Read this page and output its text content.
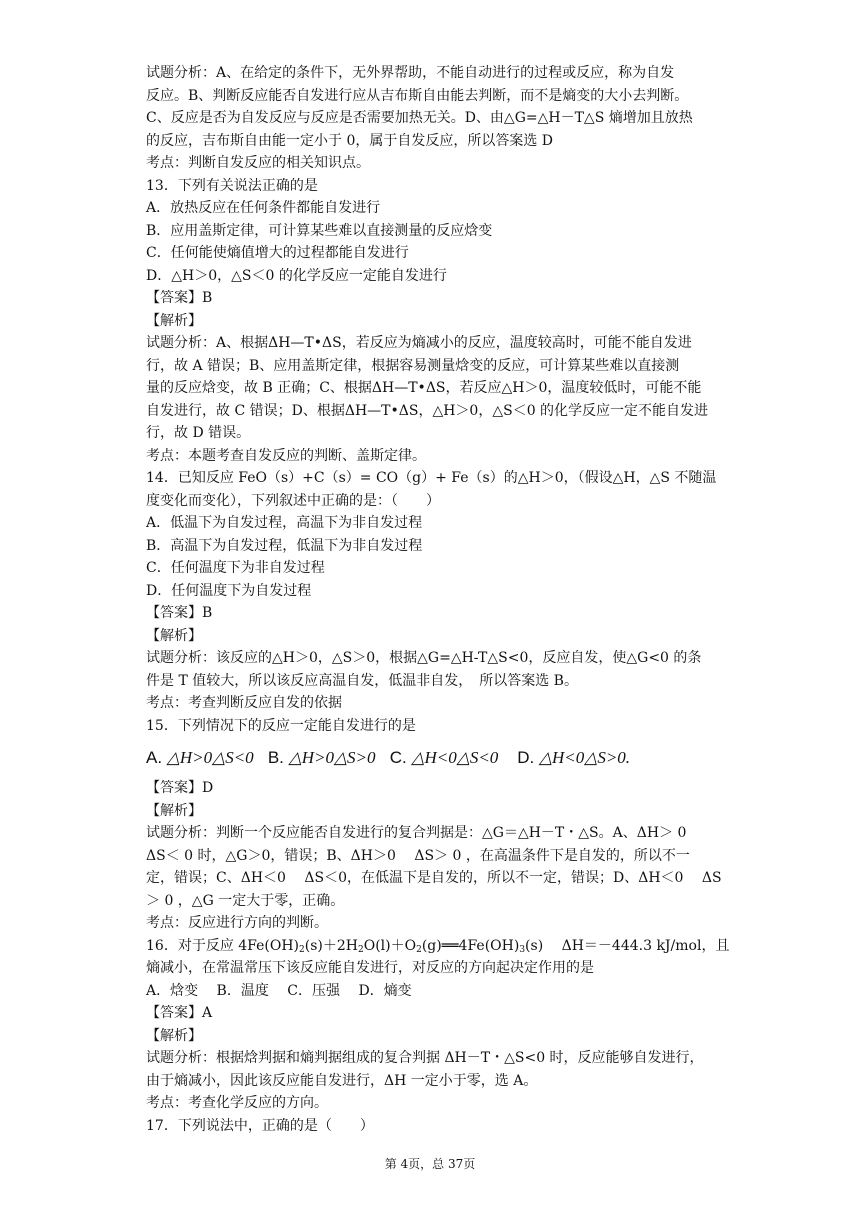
试题分析：A、在给定的条件下，无外界帮助，不能自动进行的过程或反应，称为自发
反应。B、判断反应能否自发进行应从吉布斯自由能去判断，而不是熵变的大小去判断。
C、反应是否为自发反应与反应是否需要加热无关。D、由△G=△H－T△S 熵增加且放热
的反应，吉布斯自由能一定小于 0，属于自发反应，所以答案选 D
考点：判断自发反应的相关知识点。
13．下列有关说法正确的是
A．放热反应在任何条件都能自发进行
B．应用盖斯定律，可计算某些难以直接测量的反应焓变
C．任何能使熵值增大的过程都能自发进行
D．△H＞0，△S＜0 的化学反应一定能自发进行
【答案】B
【解析】
试题分析：A、根据ΔH—T•ΔS，若反应为熵减小的反应，温度较高时，可能不能自发进
行，故 A 错误；B、应用盖斯定律，根据容易测量焓变的反应，可计算某些难以直接测
量的反应焓变，故 B 正确；C、根据ΔH—T•ΔS，若反应△H＞0，温度较低时，可能不能
自发进行，故 C 错误；D、根据ΔH—T•ΔS，△H＞0，△S＜0 的化学反应一定不能自发进
行，故 D 错误。
考点：本题考查自发反应的判断、盖斯定律。
14．已知反应 FeO（s）+C（s）= CO（g）+ Fe（s）的△H＞0，（假设△H，△S 不随温
度变化而变化），下列叙述中正确的是：（　　）
A．低温下为自发过程，高温下为非自发过程
B．高温下为自发过程，低温下为非自发过程
C．任何温度下为非自发过程
D．任何温度下为自发过程
【答案】B
【解析】
试题分析：该反应的△H＞0，△S＞0，根据△G=△H-T△S<0，反应自发，使△G<0 的条
件是 T 值较大，所以该反应高温自发，低温非自发，　所以答案选 B。
考点：考查判断反应自发的依据
15．下列情况下的反应一定能自发进行的是
A. △H>0△S<0 B. △H>0△S>0 C. △H<0△S<0 D. △H<0△S>0.
【答案】D
【解析】
试题分析：判断一个反应能否自发进行的复合判据是：△G＝△H－T・△S。A、ΔH＞ 0
ΔS＜ 0 时，△G＞0，错误；B、ΔH＞0　 ΔS＞ 0 ，在高温条件下是自发的，所以不一
定，错误；C、ΔH＜0　 ΔS＜0，在低温下是自发的，所以不一定，错误；D、ΔH＜0　 ΔS
＞ 0 ，△G 一定大于零，正确。
考点：反应进行方向的判断。
16．对于反应 $4Fe(OH)_2(s)+2H_2O(l)+O_2(g)══4Fe(OH)_3(s)$　 ΔH＝－444.3 kJ/mol，且
熵减小，在常温常压下该反应能自发进行，对反应的方向起决定作用的是
A．焓变　 B．温度　 C．压强　 D．熵变
【答案】A
【解析】
试题分析：根据焓判据和熵判据组成的复合判据 ΔH－T・△S<0 时，反应能够自发进行，
由于熵减小，因此该反应能自发进行，ΔH 一定小于零，选 A。
考点：考查化学反应的方向。
17．下列说法中，正确的是（　　）
第 4页，总 37页
